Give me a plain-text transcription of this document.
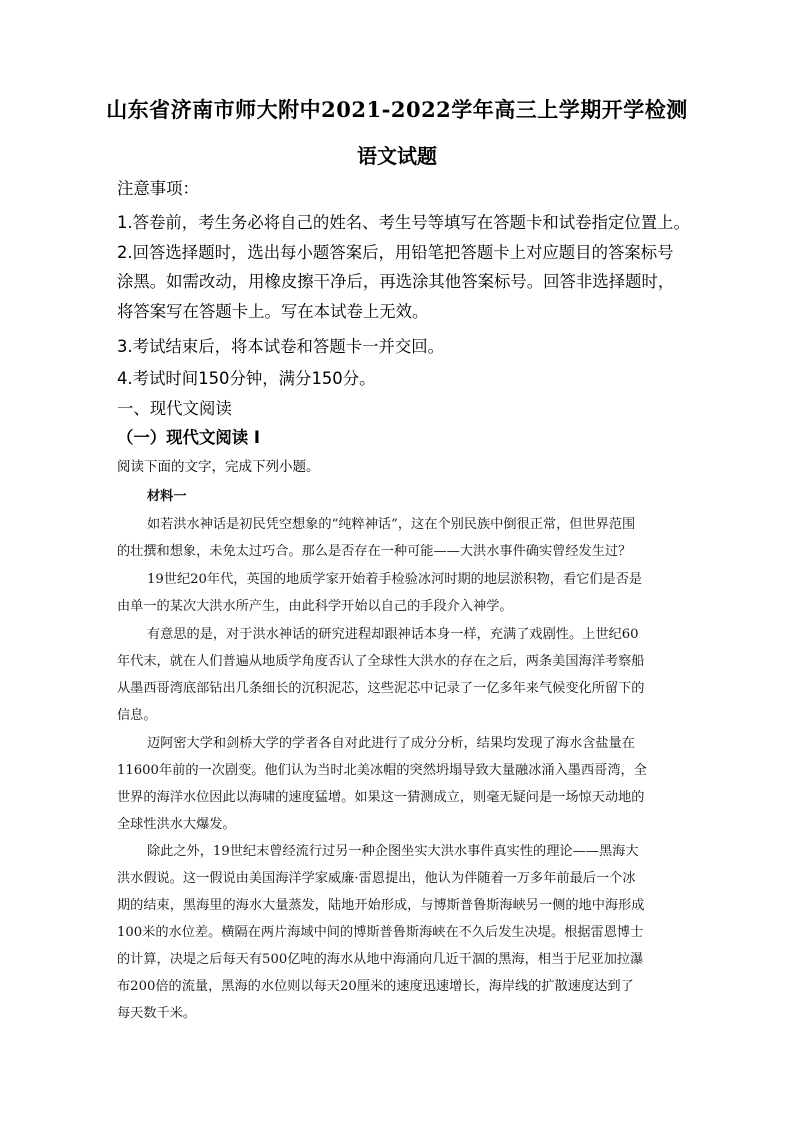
山东省济南市师大附中2021-2022学年高三上学期开学检测
语文试题
注意事项：
1.答卷前，考生务必将自己的姓名、考生号等填写在答题卡和试卷指定位置上。
2.回答选择题时，选出每小题答案后，用铅笔把答题卡上对应题目的答案标号
涂黑。如需改动，用橡皮擦干净后，再选涂其他答案标号。回答非选择题时，
将答案写在答题卡上。写在本试卷上无效。
3.考试结束后，将本试卷和答题卡一并交回。
4.考试时间150分钟，满分150分。
一、现代文阅读
（一）现代文阅读 I
阅读下面的文字，完成下列小题。
材料一
如若洪水神话是初民凭空想象的“纯粹神话”，这在个别民族中倒很正常，但世界范围
的壮撰和想象，未免太过巧合。那么是否存在一种可能——大洪水事件确实曾经发生过？
19世纪20年代，英国的地质学家开始着手检验冰河时期的地层淤积物，看它们是否是
由单一的某次大洪水所产生，由此科学开始以自己的手段介入神学。
有意思的是，对于洪水神话的研究进程却跟神话本身一样，充满了戏剧性。上世纪60
年代末，就在人们普遍从地质学角度否认了全球性大洪水的存在之后，两条美国海洋考察船
从墨西哥湾底部钻出几条细长的沉积泥芯，这些泥芯中记录了一亿多年来气候变化所留下的
信息。
迈阿密大学和剑桥大学的学者各自对此进行了成分分析，结果均发现了海水含盐量在
11600年前的一次剧变。他们认为当时北美冰帽的突然坍塌导致大量融冰涌入墨西哥湾，全
世界的海洋水位因此以海啸的速度猛增。如果这一猜测成立，则毫无疑问是一场惊天动地的
全球性洪水大爆发。
除此之外，19世纪末曾经流行过另一种企图坐实大洪水事件真实性的理论——黑海大
洪水假说。这一假说由美国海洋学家威廉·雷恩提出，他认为伴随着一万多年前最后一个冰
期的结束，黑海里的海水大量蒸发，陆地开始形成，与博斯普鲁斯海峡另一侧的地中海形成
100米的水位差。横隔在两片海域中间的博斯普鲁斯海峡在不久后发生决堤。根据雷恩博士
的计算，决堤之后每天有500亿吨的海水从地中海涌向几近干涸的黑海，相当于尼亚加拉瀑
布200倍的流量，黑海的水位则以每天20厘米的速度迅速增长，海岸线的扩散速度达到了
每天数千米。
